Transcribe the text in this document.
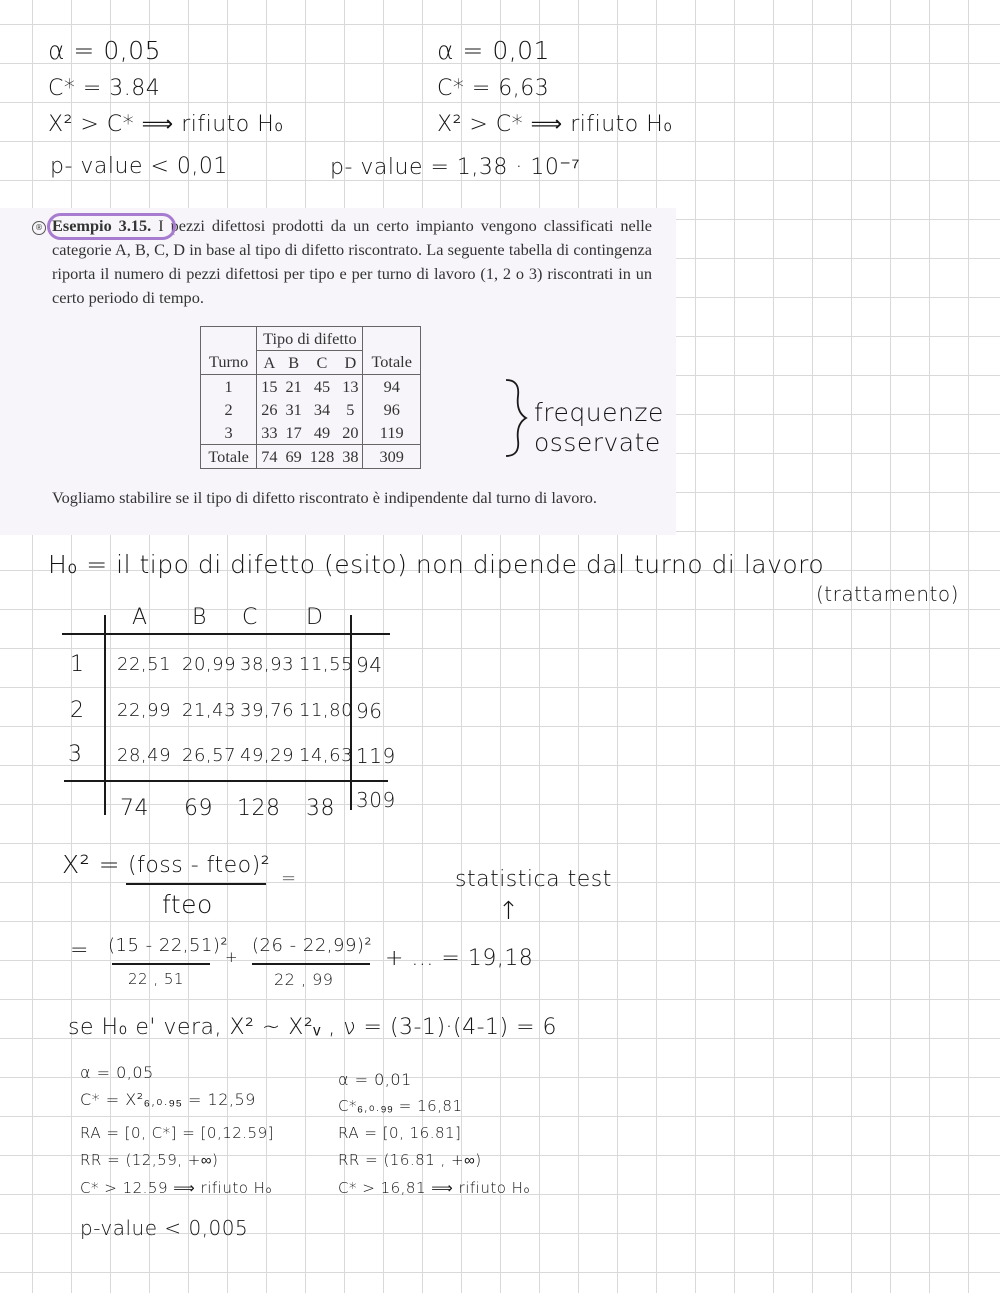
α = 0,05
C* = 3.84
X² > C* ⟹ rifiuto H₀
p- value < 0,01
α = 0,01
C* = 6,63
X² > C* ⟹ rifiuto H₀
p- value = 1,38 · 10⁻⁷
® Esempio 3.15. I pezzi difettosi prodotti da un certo impianto vengono classificati nelle categorie A, B, C, D in base al tipo di difetto riscontrato. La seguente tabella di contingenza riporta il numero di pezzi difettosi per tipo e per turno di lavoro (1, 2 o 3) riscontrati in un certo periodo di tempo.
	Tipo di difetto				
Turno	A	B	C	D	Totale
1	15	21	45	13	94
2	26	31	34	5	96
3	33	17	49	20	119
Totale	74	69	128	38	309
frequenze
osservate
Vogliamo stabilire se il tipo di difetto riscontrato è indipendente dal turno di lavoro.
H₀ = il tipo di difetto (esito) non dipende dal turno di lavoro
(trattamento)
A B C D
1 22,51 20,99 38,93 11,55 94
2 22,99 21,43 39,76 11,80 96
3 28,49 26,57 49,29 14,63 119
74 69 128 38 309
X² = (foss - fteo)²
fteo
=	statistica test
↑
= (15 - 22,51)²
22 , 51
+
(26 - 22,99)²
22 , 99
+ ... = 19,18
se H₀ e' vera, X² ~ X²ᵥ , ν = (3-1)·(4-1) = 6
α = 0,05
C* = X²₆,₀.₉₅ = 12,59
RA = [0, C*] = [0,12.59]
RR = (12,59, +∞)
C* > 12.59 ⟹ rifiuto H₀
p-value < 0,005
α = 0,01
C*₆,₀.₉₉ = 16,81
RA = [0, 16.81]
RR = (16.81 , +∞)
C* > 16,81 ⟹ rifiuto H₀
